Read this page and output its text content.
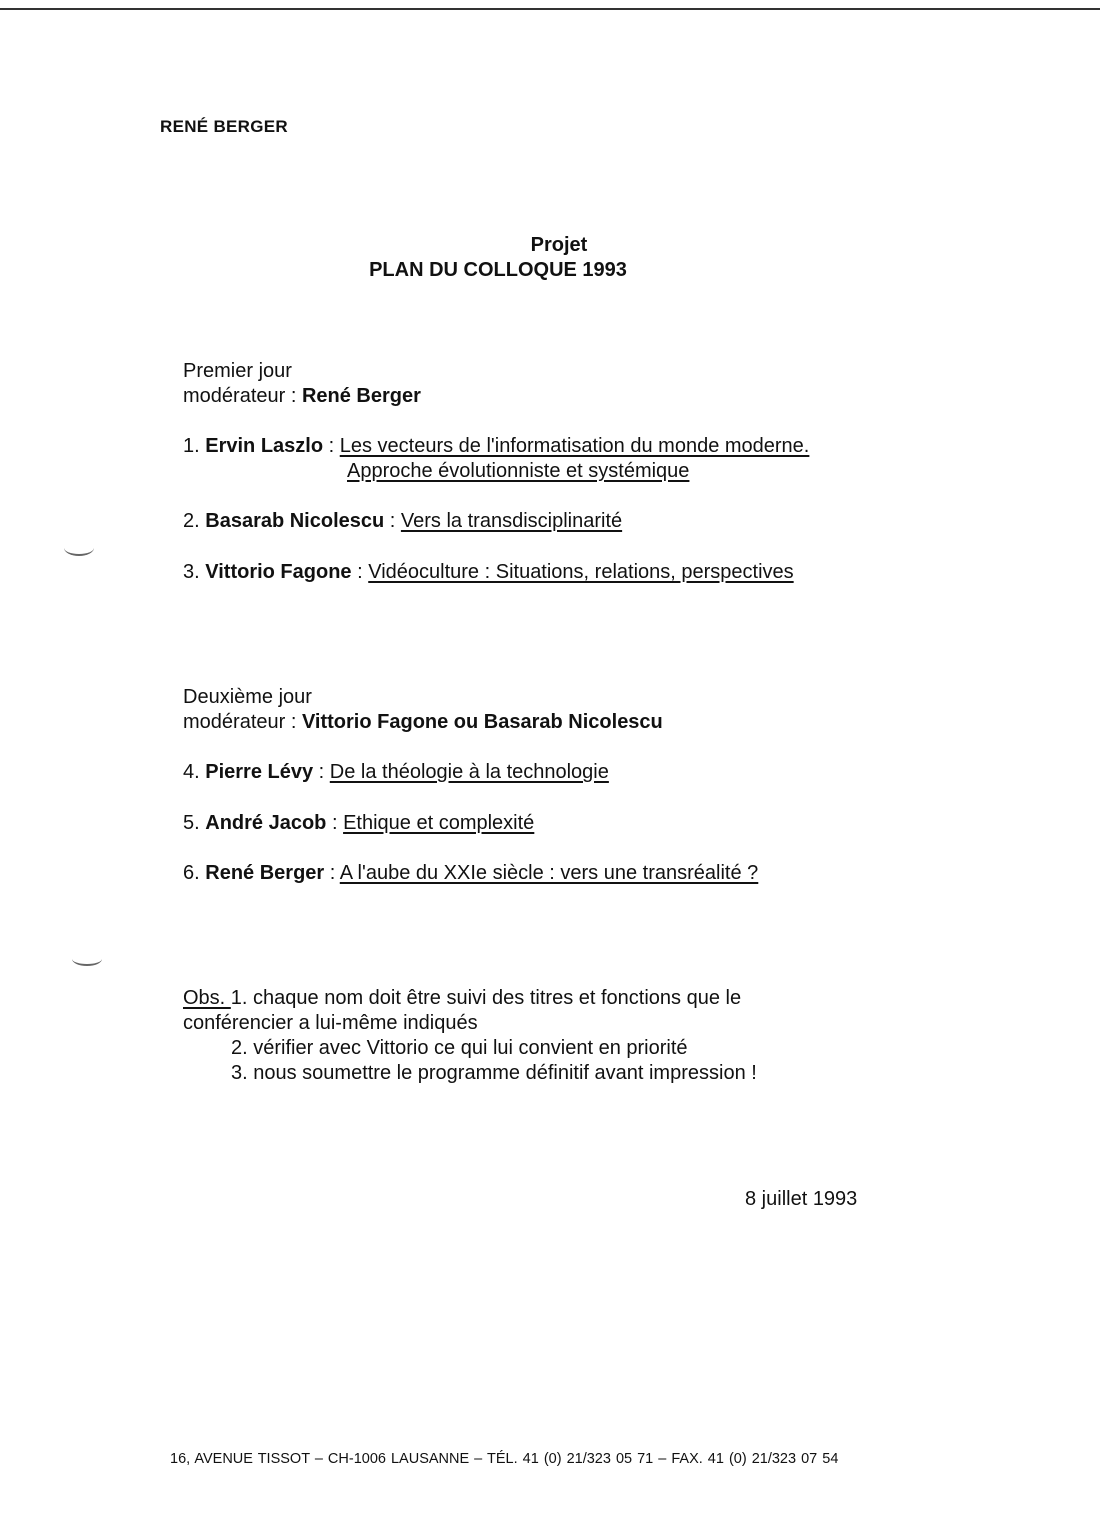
RENÉ BERGER
Projet
PLAN DU COLLOQUE 1993
Premier jour
modérateur : René Berger
1. Ervin Laszlo : Les vecteurs de l'informatisation du monde moderne.
Approche évolutionniste et systémique
2. Basarab Nicolescu : Vers la transdisciplinarité
3. Vittorio Fagone : Vidéoculture : Situations, relations, perspectives
Deuxième jour
modérateur : Vittorio Fagone ou Basarab Nicolescu
4. Pierre Lévy : De la théologie à la technologie
5. André Jacob : Ethique et complexité
6. René Berger : A l'aube du XXIe siècle : vers une transréalité ?
Obs. 1. chaque nom doit être suivi des titres et fonctions que le
conférencier a lui-même indiqués
2. vérifier avec Vittorio ce qui lui convient en priorité
3. nous soumettre le programme définitif avant impression !
8 juillet 1993
16, AVENUE TISSOT – CH-1006 LAUSANNE – TÉL. 41 (0) 21/323 05 71 – FAX. 41 (0) 21/323 07 54
